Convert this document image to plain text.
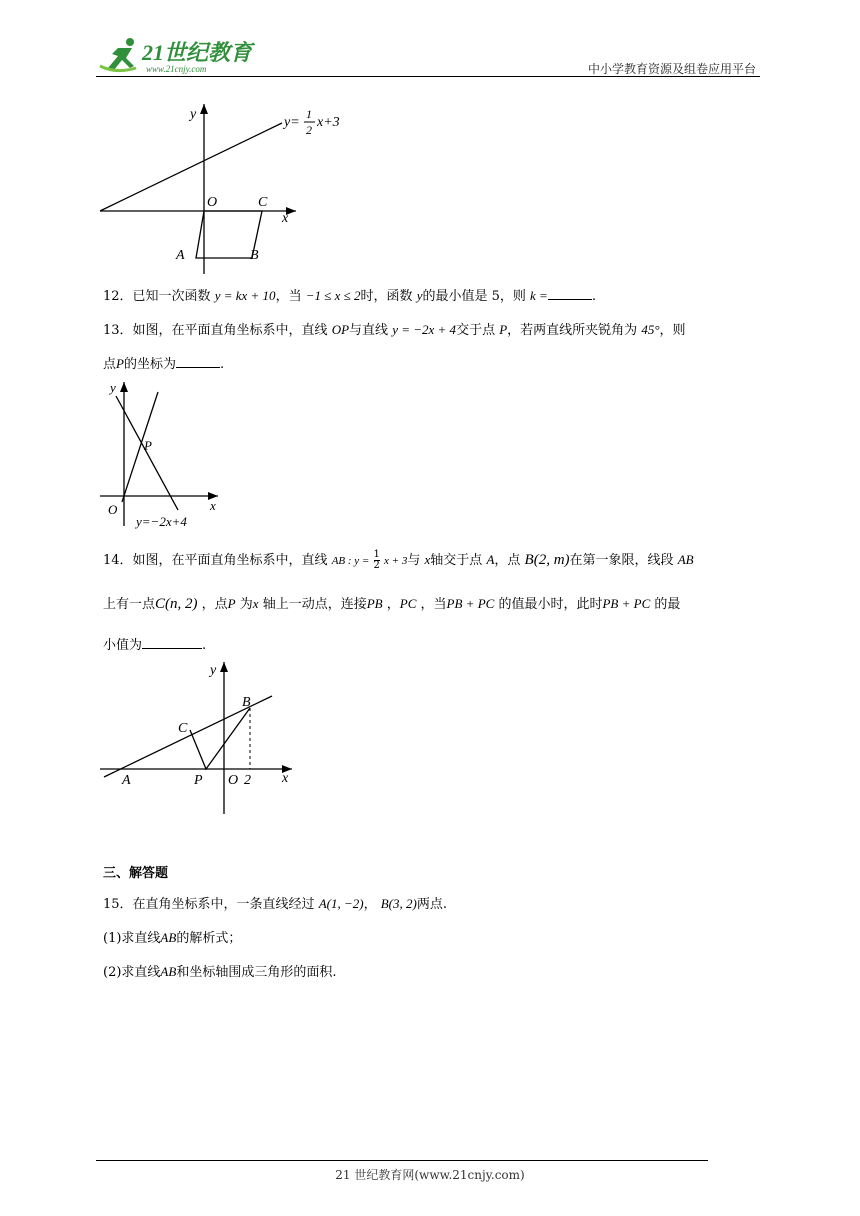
21世纪教育
www.21cnjy.com	中小学教育资源及组卷应用平台
y
x
O	C
A	B
y=
1
2 x+3
12．已知一次函数 y = kx + 10，当 −1 ≤ x ≤ 2时，函数 y的最小值是 5，则 k =	.
13．如图，在平面直角坐标系中，直线 OP与直线 y = −2x + 4交于点 P，若两直线所夹锐角为 45°，则
点P的坐标为	.
y
x
O
P
y=−2x+4
14．如图，在平面直角坐标系中，直线 AB : $y = \frac{1}{2}$ x + 3与 x轴交于点 A，点 B(2, m)在第一象限，线段 AB
上有一点C(n, 2) ，点P 为x 轴上一动点，连接PB ，PC ，当PB + PC 的值最小时，此时PB + PC 的最
小值为	.
y
x
O 2
A	P
C
B
三、解答题
15．在直角坐标系中，一条直线经过 A(1, −2)， B(3, 2)两点.
(1)求直线AB的解析式；
(2)求直线AB和坐标轴围成三角形的面积.
21 世纪教育网(www.21cnjy.com)
